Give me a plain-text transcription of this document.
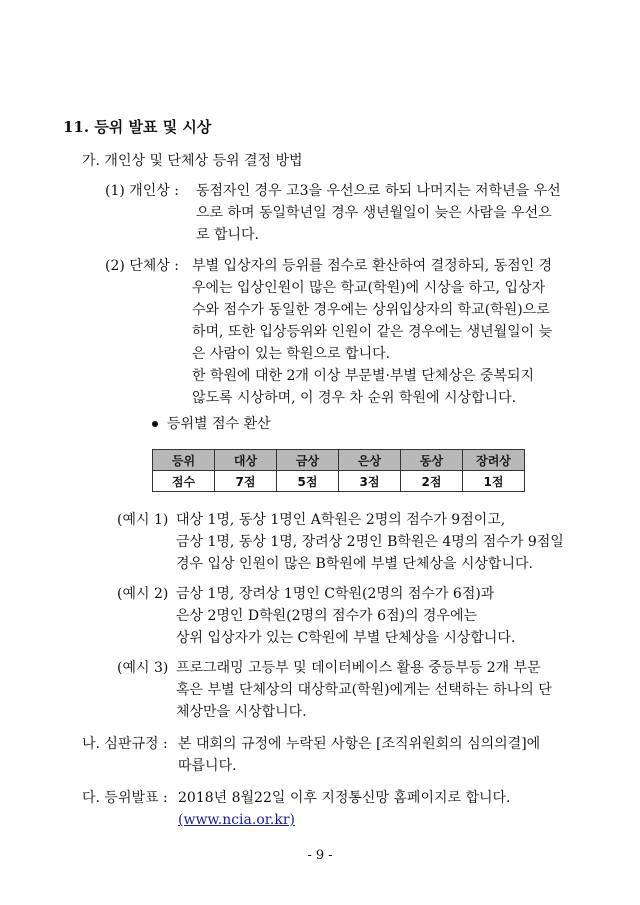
11. 등위 발표 및 시상
가. 개인상 및 단체상 등위 결정 방법
(1) 개인상 : 동점자인 경우 고3을 우선으로 하되 나머지는 저학년을 우선
으로 하며 동일학년일 경우 생년월일이 늦은 사람을 우선으
로 합니다.
(2) 단체상 : 부별 입상자의 등위를 점수로 환산하여 결정하되, 동점인 경
우에는 입상인원이 많은 학교(학원)에 시상을 하고, 입상자
수와 점수가 동일한 경우에는 상위입상자의 학교(학원)으로
하며, 또한 입상등위와 인원이 같은 경우에는 생년월일이 늦
은 사람이 있는 학원으로 합니다.
한 학원에 대한 2개 이상 부문별·부별 단체상은 중복되지
않도록 시상하며, 이 경우 차 순위 학원에 시상합니다.
등위별 점수 환산
등위	대상	금상	은상	동상	장려상
점수	7점	5점	3점	2점	1점
(예시 1) 대상 1명, 동상 1명인 A학원은 2명의 점수가 9점이고,
금상 1명, 동상 1명, 장려상 2명인 B학원은 4명의 점수가 9점일
경우 입상 인원이 많은 B학원에 부별 단체상을 시상합니다.
(예시 2) 금상 1명, 장려상 1명인 C학원(2명의 점수가 6점)과
은상 2명인 D학원(2명의 점수가 6점)의 경우에는
상위 입상자가 있는 C학원에 부별 단체상을 시상합니다.
(예시 3) 프로그래밍 고등부 및 데이터베이스 활용 중등부등 2개 부문
혹은 부별 단체상의 대상학교(학원)에게는 선택하는 하나의 단
체상만을 시상합니다.
나. 심판규정 : 본 대회의 규정에 누락된 사항은 [조직위원회의 심의의결]에
따릅니다.
다. 등위발표 : 2018년 8월22일 이후 지정통신망 홈페이지로 합니다.
(www.ncia.or.kr)
- 9 -
